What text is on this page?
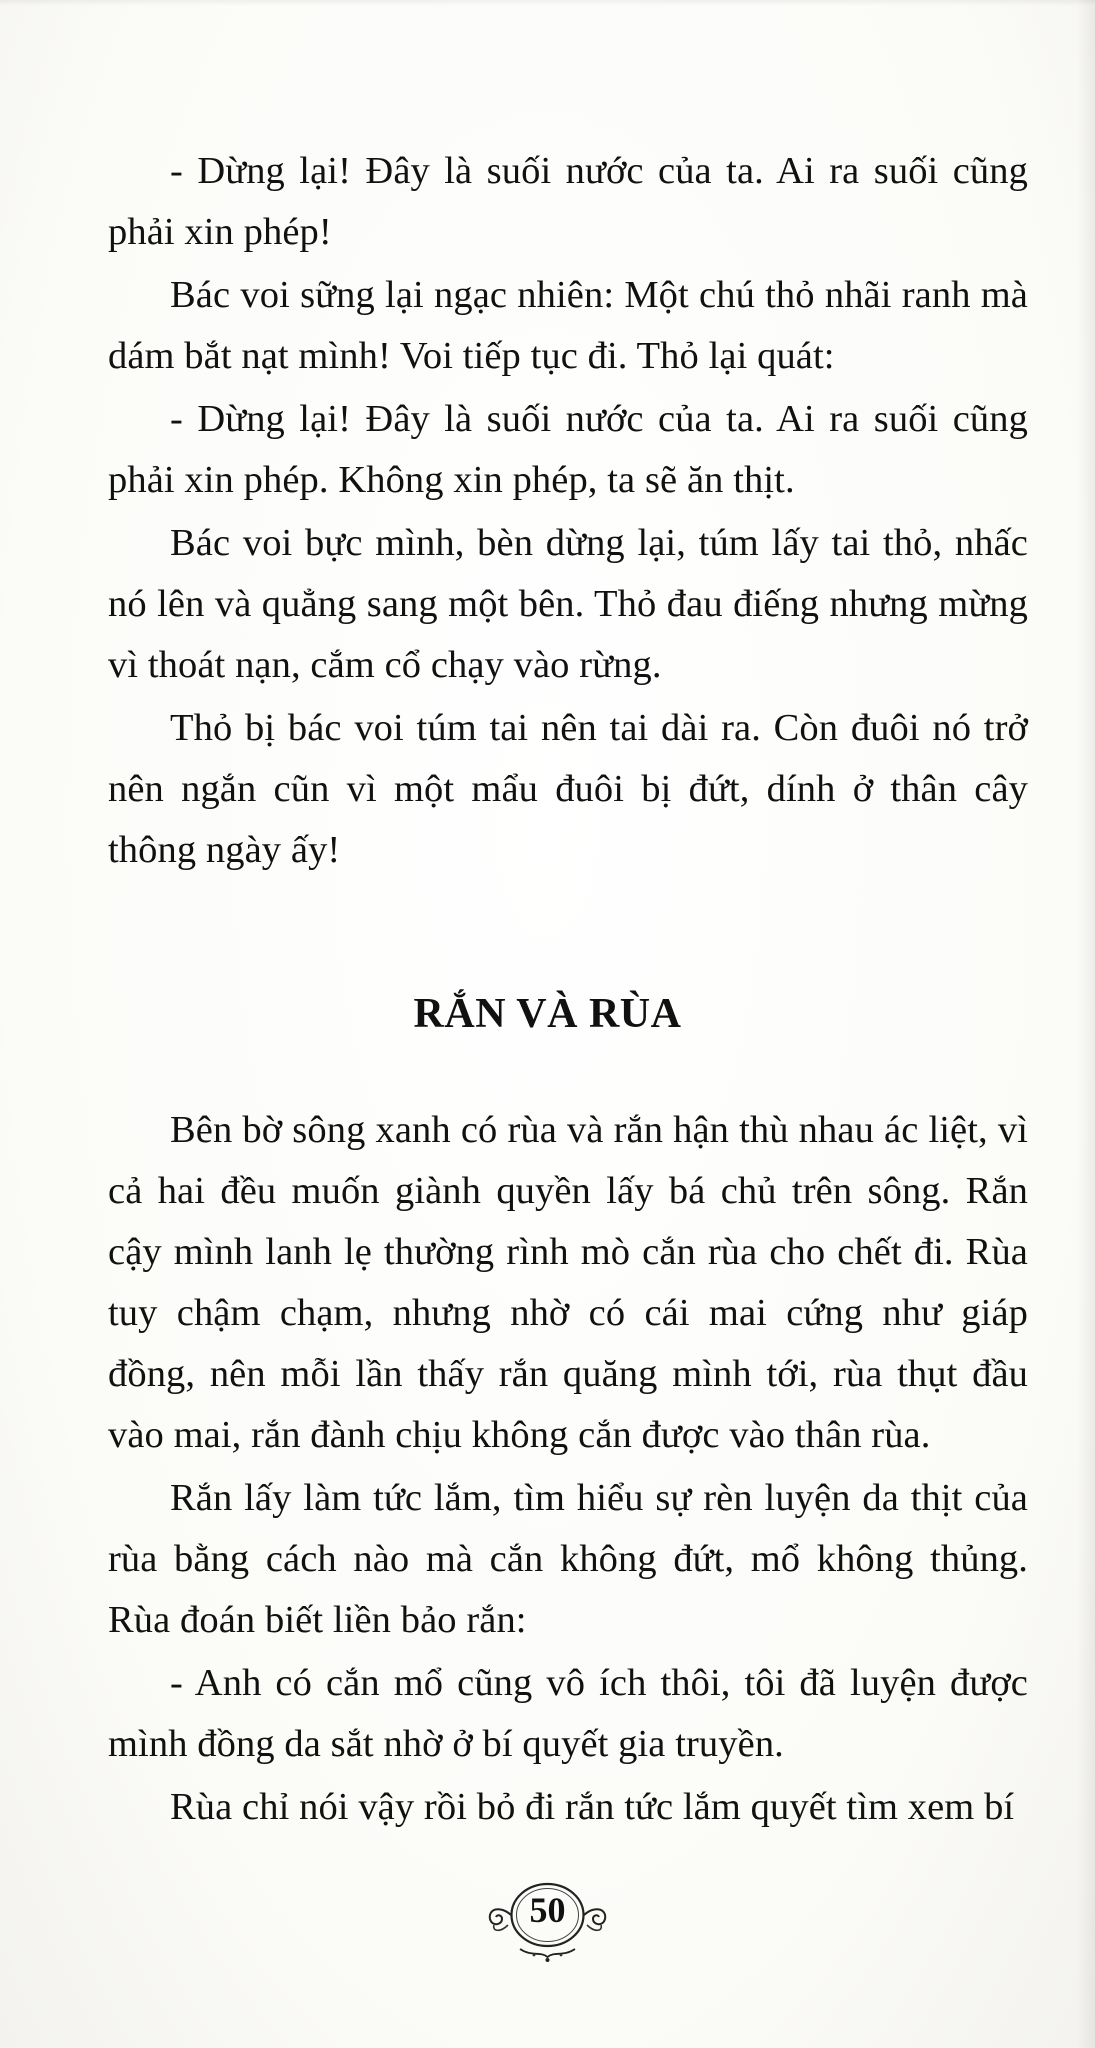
- Dừng lại! Đây là suối nước của ta. Ai ra suối cũng phải xin phép!

Bác voi sững lại ngạc nhiên: Một chú thỏ nhãi ranh mà dám bắt nạt mình! Voi tiếp tục đi. Thỏ lại quát:

- Dừng lại! Đây là suối nước của ta. Ai ra suối cũng phải xin phép. Không xin phép, ta sẽ ăn thịt.

Bác voi bực mình, bèn dừng lại, túm lấy tai thỏ, nhấc nó lên và quẳng sang một bên. Thỏ đau điếng nhưng mừng vì thoát nạn, cắm cổ chạy vào rừng.

Thỏ bị bác voi túm tai nên tai dài ra. Còn đuôi nó trở nên ngắn cũn vì một mẩu đuôi bị đứt, dính ở thân cây thông ngày ấy!

RẮN VÀ RÙA

Bên bờ sông xanh có rùa và rắn hận thù nhau ác liệt, vì cả hai đều muốn giành quyền lấy bá chủ trên sông. Rắn cậy mình lanh lẹ thường rình mò cắn rùa cho chết đi. Rùa tuy chậm chạm, nhưng nhờ có cái mai cứng như giáp đồng, nên mỗi lần thấy rắn quăng mình tới, rùa thụt đầu vào mai, rắn đành chịu không cắn được vào thân rùa.

Rắn lấy làm tức lắm, tìm hiểu sự rèn luyện da thịt của rùa bằng cách nào mà cắn không đứt, mổ không thủng. Rùa đoán biết liền bảo rắn:

- Anh có cắn mổ cũng vô ích thôi, tôi đã luyện được mình đồng da sắt nhờ ở bí quyết gia truyền.

Rùa chỉ nói vậy rồi bỏ đi rắn tức lắm quyết tìm xem bí

50
